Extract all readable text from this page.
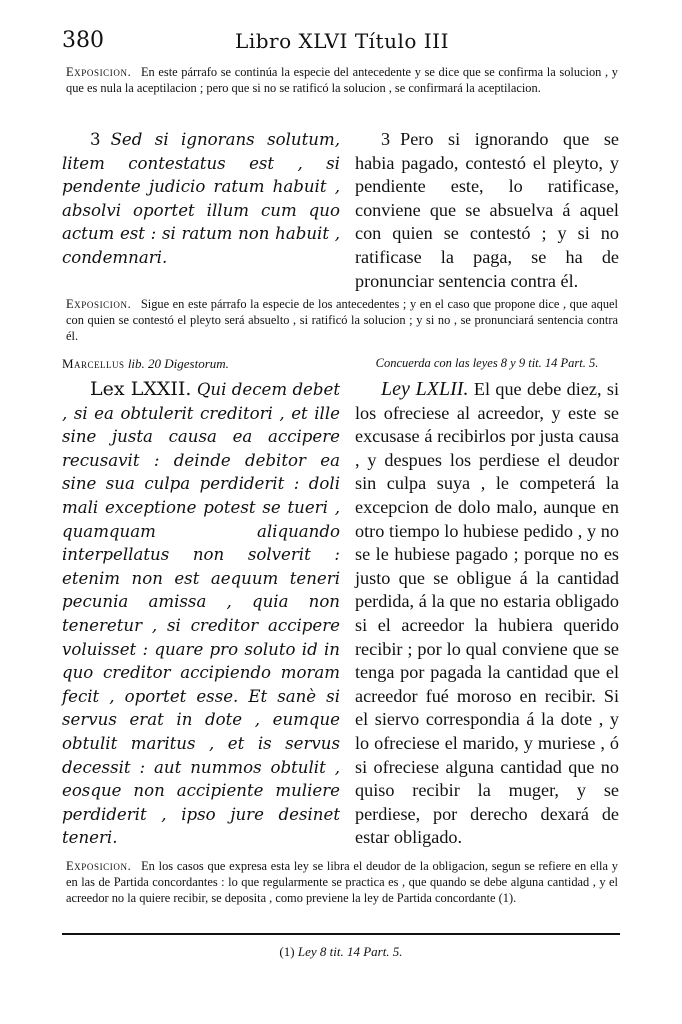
380	Libro XLVI Título III

Exposicion. En este párrafo se continúa la especie del antecedente y se dice que se confirma la solucion , y que es nula la aceptilacion ; pero que si no se ratificó la solucion , se confirmará la aceptilacion.

3 Sed si ignorans solutum, litem contestatus est , si pendente judicio ratum habuit , absolvi oportet illum cum quo actum est : si ratum non habuit , condemnari.

3 Pero si ignorando que se habia pagado, contestó el pleyto, y pendiente este, lo ratificase, conviene que se absuelva á aquel con quien se contestó ; y si no ratificase la paga, se ha de pronunciar sentencia contra él.

Exposicion. Sigue en este párrafo la especie de los antecedentes ; y en el caso que propone dice , que aquel con quien se contestó el pleyto será absuelto , si ratificó la solucion ; y si no , se pronunciará sentencia contra él.

Marcellus lib. 20 Digestorum.

Lex LXXII. Qui decem debet , si ea obtulerit creditori , et ille sine justa causa ea accipere recusavit : deinde debitor ea sine sua culpa perdiderit : doli mali exceptione potest se tueri , quamquam aliquando interpellatus non solverit : etenim non est aequum teneri pecunia amissa , quia non teneretur , si creditor accipere voluisset : quare pro soluto id in quo creditor accipiendo moram fecit , oportet esse. Et sanè si servus erat in dote , eumque obtulit maritus , et is servus decessit : aut nummos obtulit , eosque non accipiente muliere perdiderit , ipso jure desinet teneri.

Concuerda con las leyes 8 y 9 tit. 14 Part. 5.

Ley LXLII. El que debe diez, si los ofreciese al acreedor, y este se excusase á recibirlos por justa causa , y despues los perdiese el deudor sin culpa suya , le competerá la excepcion de dolo malo, aunque en otro tiempo lo hubiese pedido , y no se le hubiese pagado ; porque no es justo que se obligue á la cantidad perdida, á la que no estaria obligado si el acreedor la hubiera querido recibir ; por lo qual conviene que se tenga por pagada la cantidad que el acreedor fué moroso en recibir. Si el siervo correspondia á la dote , y lo ofreciese el marido, y muriese , ó si ofreciese alguna cantidad que no quiso recibir la muger, y se perdiese, por derecho dexará de estar obligado.

Exposicion. En los casos que expresa esta ley se libra el deudor de la obligacion, segun se refiere en ella y en las de Partida concordantes : lo que regularmente se practica es , que quando se debe alguna cantidad , y el acreedor no la quiere recibir, se deposita , como previene la ley de Partida concordante (1).

(1) Ley 8 tit. 14 Part. 5.
